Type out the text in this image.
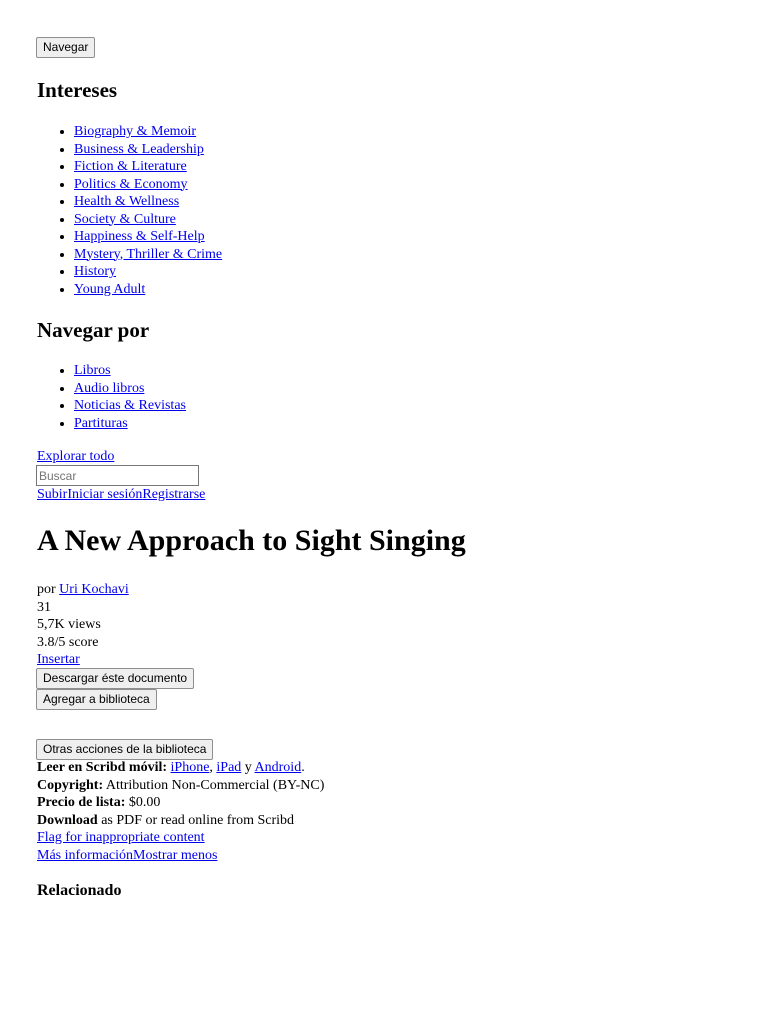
Navegar
Intereses
• Biography & Memoir
• Business & Leadership
• Fiction & Literature
• Politics & Economy
• Health & Wellness
• Society & Culture
• Happiness & Self-Help
• Mystery, Thriller & Crime
• History
• Young Adult
Navegar por
• Libros
• Audio libros
• Noticias & Revistas
• Partituras
Explorar todo
Buscar
SubirIniciar sesiónRegistrarse
A New Approach to Sight Singing
por Uri Kochavi
31
5,7K views
3.8/5 score
Insertar
Descargar éste documento
Agregar a biblioteca
Otras acciones de la biblioteca
Leer en Scribd móvil: iPhone, iPad y Android.
Copyright: Attribution Non-Commercial (BY-NC)
Precio de lista: $0.00
Download as PDF or read online from Scribd
Flag for inappropriate content
Más informaciónMostrar menos
Relacionado
